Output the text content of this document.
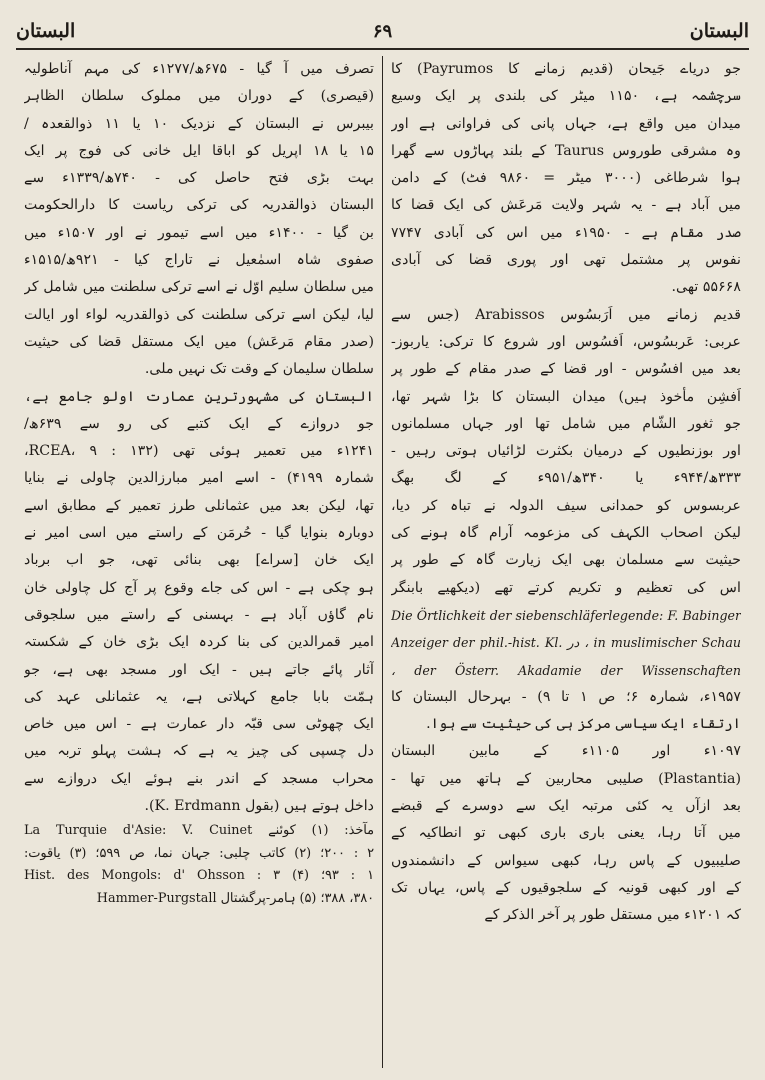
البستان
۶۹
البستان
جو دریاے جَیحان (قدیم زمانے کا Payrumos) کا
سرچشمہ ہے، ۱۱۵۰ میٹر کی بلندی پر ایک وسیع
میدان میں واقع ہے، جہاں پانی کی فراوانی ہے اور
وہ مشرقی طوروس Taurus کے بلند پہاڑوں سے گھرا
ہوا شرطاغی (۳۰۰۰ میٹر = ۹۸۶۰ فٹ) کے دامن
میں آباد ہے - یہ شہر ولایت مَرعَش کی ایک قضا کا
صدر مقام ہے - ۱۹۵۰ء میں اس کی آبادی ۷۷۴۷
نفوس پر مشتمل تھی اور پوری قضا کی آبادی
۵۵۶۶۸ تھی.
قدیم زمانے میں اَرَبسُوس Arabissos (جس سے
عربی: عَربسُوس، اَفسُوس اور شروع کا ترکی: یاربوز-
بعد میں افسُوس - اور قضا کے صدر مقام کے طور پر
اَفشِن مأخوذ ہیں) میدان البستان کا بڑا شہر تھا،
جو ثغور الشّام میں شامل تھا اور جہاں مسلمانوں
اور بوزنطیوں کے درمیان بکثرت لڑائیاں ہوتی رہیں -
۳۳۳ھ/۹۴۴ء یا ۳۴۰ھ/۹۵۱ء کے لگ بھگ
عربسوس کو حمدانی سیف الدولہ نے تباہ کر دیا،
لیکن اصحاب الکہف کی مزعومہ آرام گاہ ہونے کی
حیثیت سے مسلمان بھی ایک زیارت گاہ کے طور پر
اس کی تعظیم و تکریم کرتے تھے (دیکھیے بابنگر
Die Örtlichkeit der siebenschläferlegende: F. Babinger
Anzeiger der phil.-hist. Kl. در ، in muslimischer Schau
، der Österr. Akadamie der Wissenschaften
۱۹۵۷ء، شمارہ ۶؛ ص ۱ تا ۹) - بہرحال البستان کا
ارتقاء ایک سیاسی مرکز ہی کی حیثیت سے ہوا.
۱۰۹۷ء اور ۱۱۰۵ء کے مابین البستان
(Plastantia) صلیبی محاربین کے ہاتھ میں تھا -
بعد ازآں یہ کئی مرتبہ ایک سے دوسرے کے قبضے
میں آتا رہا، یعنی باری باری کبھی تو انطاکیہ کے
صلیبیوں کے پاس رہا، کبھی سیواس کے دانشمندوں
کے اور کبھی قونیہ کے سلجوقیوں کے پاس، یہاں تک
کہ ۱۲۰۱ء میں مستقل طور پر آخر الذکر کے
تصرف میں آ گیا - ۶۷۵ھ/۱۲۷۷ء کی مہم آناطولیہ
(قیصری) کے دوران میں مملوک سلطان الظاہر
بیبرس نے البستان کے نزدیک ۱۰ یا ۱۱ ذوالقعدہ /
۱۵ یا ۱۸ اپریل کو اباقا ایل خانی کی فوج پر ایک
بہت بڑی فتح حاصل کی - ۷۴۰ھ/۱۳۳۹ء سے
البستان ذوالقدریہ کی ترکی ریاست کا دارالحکومت
بن گیا - ۱۴۰۰ء میں اسے تیمور نے اور ۱۵۰۷ء میں
صفوی شاہ اسمٰعیل نے تاراج کیا - ۹۲۱ھ/۱۵۱۵ء
میں سلطان سلیم اوّل نے اسے ترکی سلطنت میں شامل کر
لیا، لیکن اسے ترکی سلطنت کی ذوالقدریہ لواء اور ایالت
(صدر مقام مَرعَش) میں ایک مستقل قضا کی حیثیت
سلطان سلیمان کے وقت تک نہیں ملی.
البستان کی مشہورترین عمارت اولو جامع ہے،
جو دروازے کے ایک کتبے کی رو سے ۶۳۹ھ/
۱۲۴۱ء میں تعمیر ہوئی تھی (RCEA، ۹ : ۱۳۲،
شمارہ ۴۱۹۹) - اسے امیر مبارزالدین چاولی نے بنایا
تھا، لیکن بعد میں عثمانلی طرز تعمیر کے مطابق اسے
دوبارہ بنوایا گیا - حُرمَن کے راستے میں اسی امیر نے
ایک خان [سراے] بھی بنائی تھی، جو اب برباد
ہو چکی ہے - اس کی جاے وقوع پر آج کل چاولی خان
نام گاؤں آباد ہے - بہسنی کے راستے میں سلجوقی
امیر قمرالدین کی بنا کردہ ایک بڑی خان کے شکستہ
آثار پائے جاتے ہیں - ایک اور مسجد بھی ہے، جو
ہمّت بابا جامع کہلاتی ہے، یہ عثمانلی عہد کی
ایک چھوٹی سی قبّہ دار عمارت ہے - اس میں خاص
دل چسپی کی چیز یہ ہے کہ ہشت پہلو تربہ میں
محراب مسجد کے اندر بنے ہوئے ایک دروازے سے
داخل ہوتے ہیں (بقول K. Erdmann).
مآخذ: (۱) کوئنے La Turquie d'Asie: V. Cuinet
۲ : ۲۰۰؛ (۲) کاتب چلبی: جہان نما، ص ۵۹۹؛ (۳) یاقوت:
۱ : ۹۳؛ (۴) Hist. des Mongols: d' Ohsson : ۳
۳۸۰، ۳۸۸؛ (۵) ہامر-پرگشتال Hammer-Purgstall
